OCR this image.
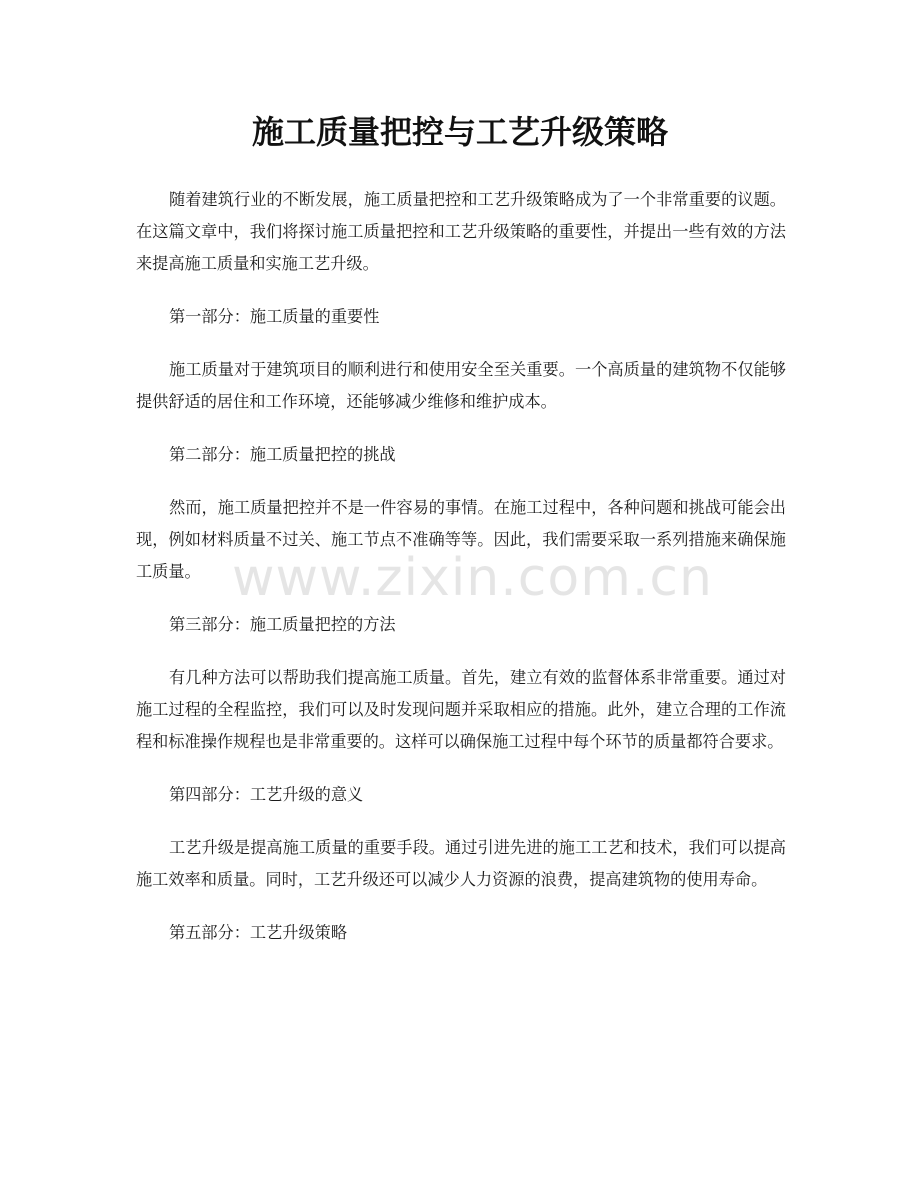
施工质量把控与工艺升级策略

随着建筑行业的不断发展，施工质量把控和工艺升级策略成为了一个非常重要的议题。在这篇文章中，我们将探讨施工质量把控和工艺升级策略的重要性，并提出一些有效的方法来提高施工质量和实施工艺升级。

第一部分：施工质量的重要性

施工质量对于建筑项目的顺利进行和使用安全至关重要。一个高质量的建筑物不仅能够提供舒适的居住和工作环境，还能够减少维修和维护成本。

第二部分：施工质量把控的挑战

然而，施工质量把控并不是一件容易的事情。在施工过程中，各种问题和挑战可能会出现，例如材料质量不过关、施工节点不准确等等。因此，我们需要采取一系列措施来确保施工质量。

第三部分：施工质量把控的方法

有几种方法可以帮助我们提高施工质量。首先，建立有效的监督体系非常重要。通过对施工过程的全程监控，我们可以及时发现问题并采取相应的措施。此外，建立合理的工作流程和标准操作规程也是非常重要的。这样可以确保施工过程中每个环节的质量都符合要求。

第四部分：工艺升级的意义

工艺升级是提高施工质量的重要手段。通过引进先进的施工工艺和技术，我们可以提高施工效率和质量。同时，工艺升级还可以减少人力资源的浪费，提高建筑物的使用寿命。

第五部分：工艺升级策略

www.zixin.com.cn
